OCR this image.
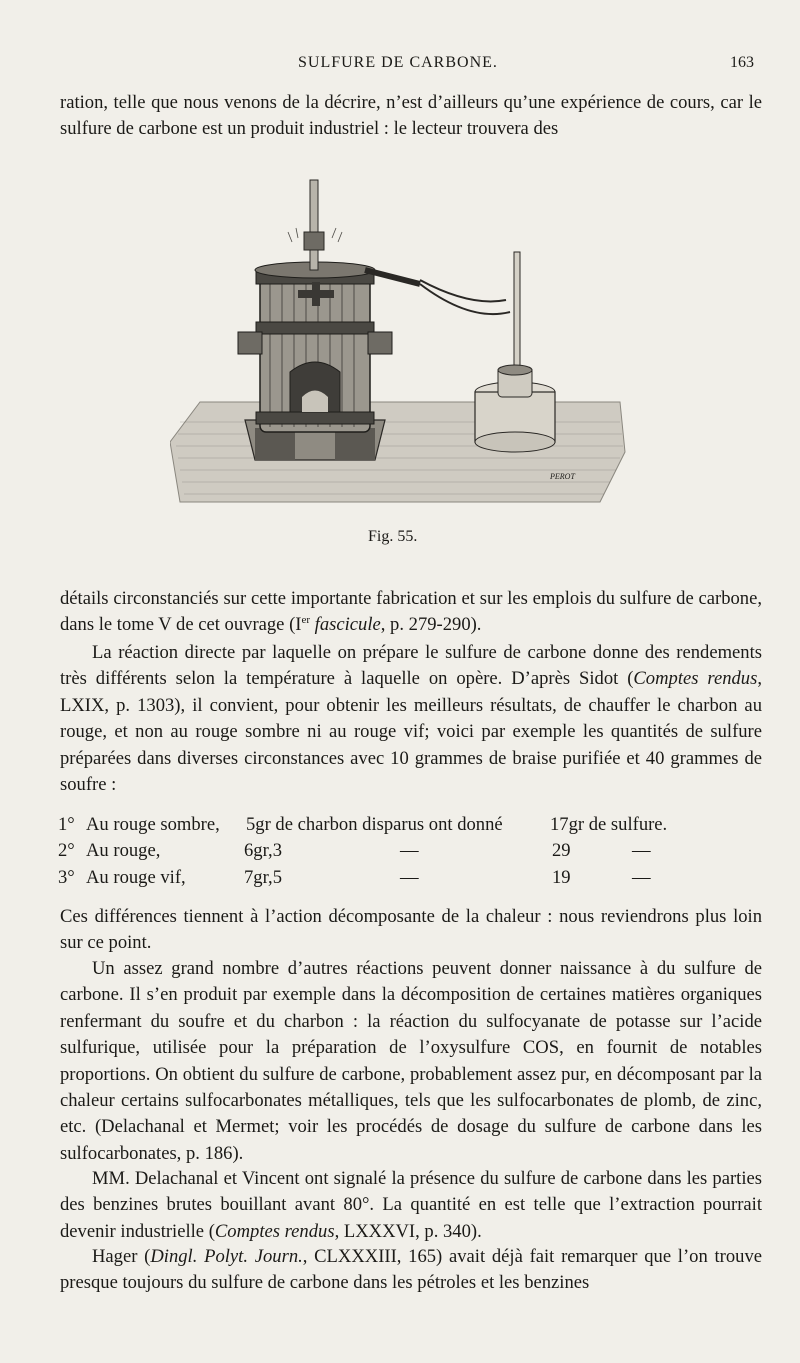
SULFURE DE CARBONE.	163
ration, telle que nous venons de la décrire, n’est d’ailleurs qu’une expérience de cours, car le sulfure de carbone est un produit industriel : le lecteur trouvera des
PEROT
Fig. 55.
détails circonstanciés sur cette importante fabrication et sur les emplois du sulfure de carbone, dans le tome V de cet ouvrage (Ier fascicule, p. 279-290).
La réaction directe par laquelle on prépare le sulfure de carbone donne des rendements très différents selon la température à laquelle on opère. D’après Sidot (Comptes rendus, LXIX, p. 1303), il convient, pour obtenir les meilleurs résultats, de chauffer le charbon au rouge, et non au rouge sombre ni au rouge vif; voici par exemple les quantités de sulfure préparées dans diverses circonstances avec 10 grammes de braise purifiée et 40 grammes de soufre :
1° Au rouge sombre, 5gr de charbon disparus ont donné	17gr de sulfure.
2° Au rouge,	6gr,3	—	29	—
3° Au rouge vif,	7gr,5	—	19	—
Ces différences tiennent à l’action décomposante de la chaleur : nous reviendrons plus loin sur ce point.
Un assez grand nombre d’autres réactions peuvent donner naissance à du sulfure de carbone. Il s’en produit par exemple dans la décomposition de certaines matières organiques renfermant du soufre et du charbon : la réaction du sulfocyanate de potasse sur l’acide sulfurique, utilisée pour la préparation de l’oxysulfure COS, en fournit de notables proportions. On obtient du sulfure de carbone, probablement assez pur, en décomposant par la chaleur certains sulfocarbonates métalliques, tels que les sulfocarbonates de plomb, de zinc, etc. (Delachanal et Mermet; voir les procédés de dosage du sulfure de carbone dans les sulfocarbonates, p. 186).
MM. Delachanal et Vincent ont signalé la présence du sulfure de carbone dans les parties des benzines brutes bouillant avant 80°. La quantité en est telle que l’extraction pourrait devenir industrielle (Comptes rendus, LXXXVI, p. 340).
Hager (Dingl. Polyt. Journ., CLXXXIII, 165) avait déjà fait remarquer que l’on trouve presque toujours du sulfure de carbone dans les pétroles et les benzines
